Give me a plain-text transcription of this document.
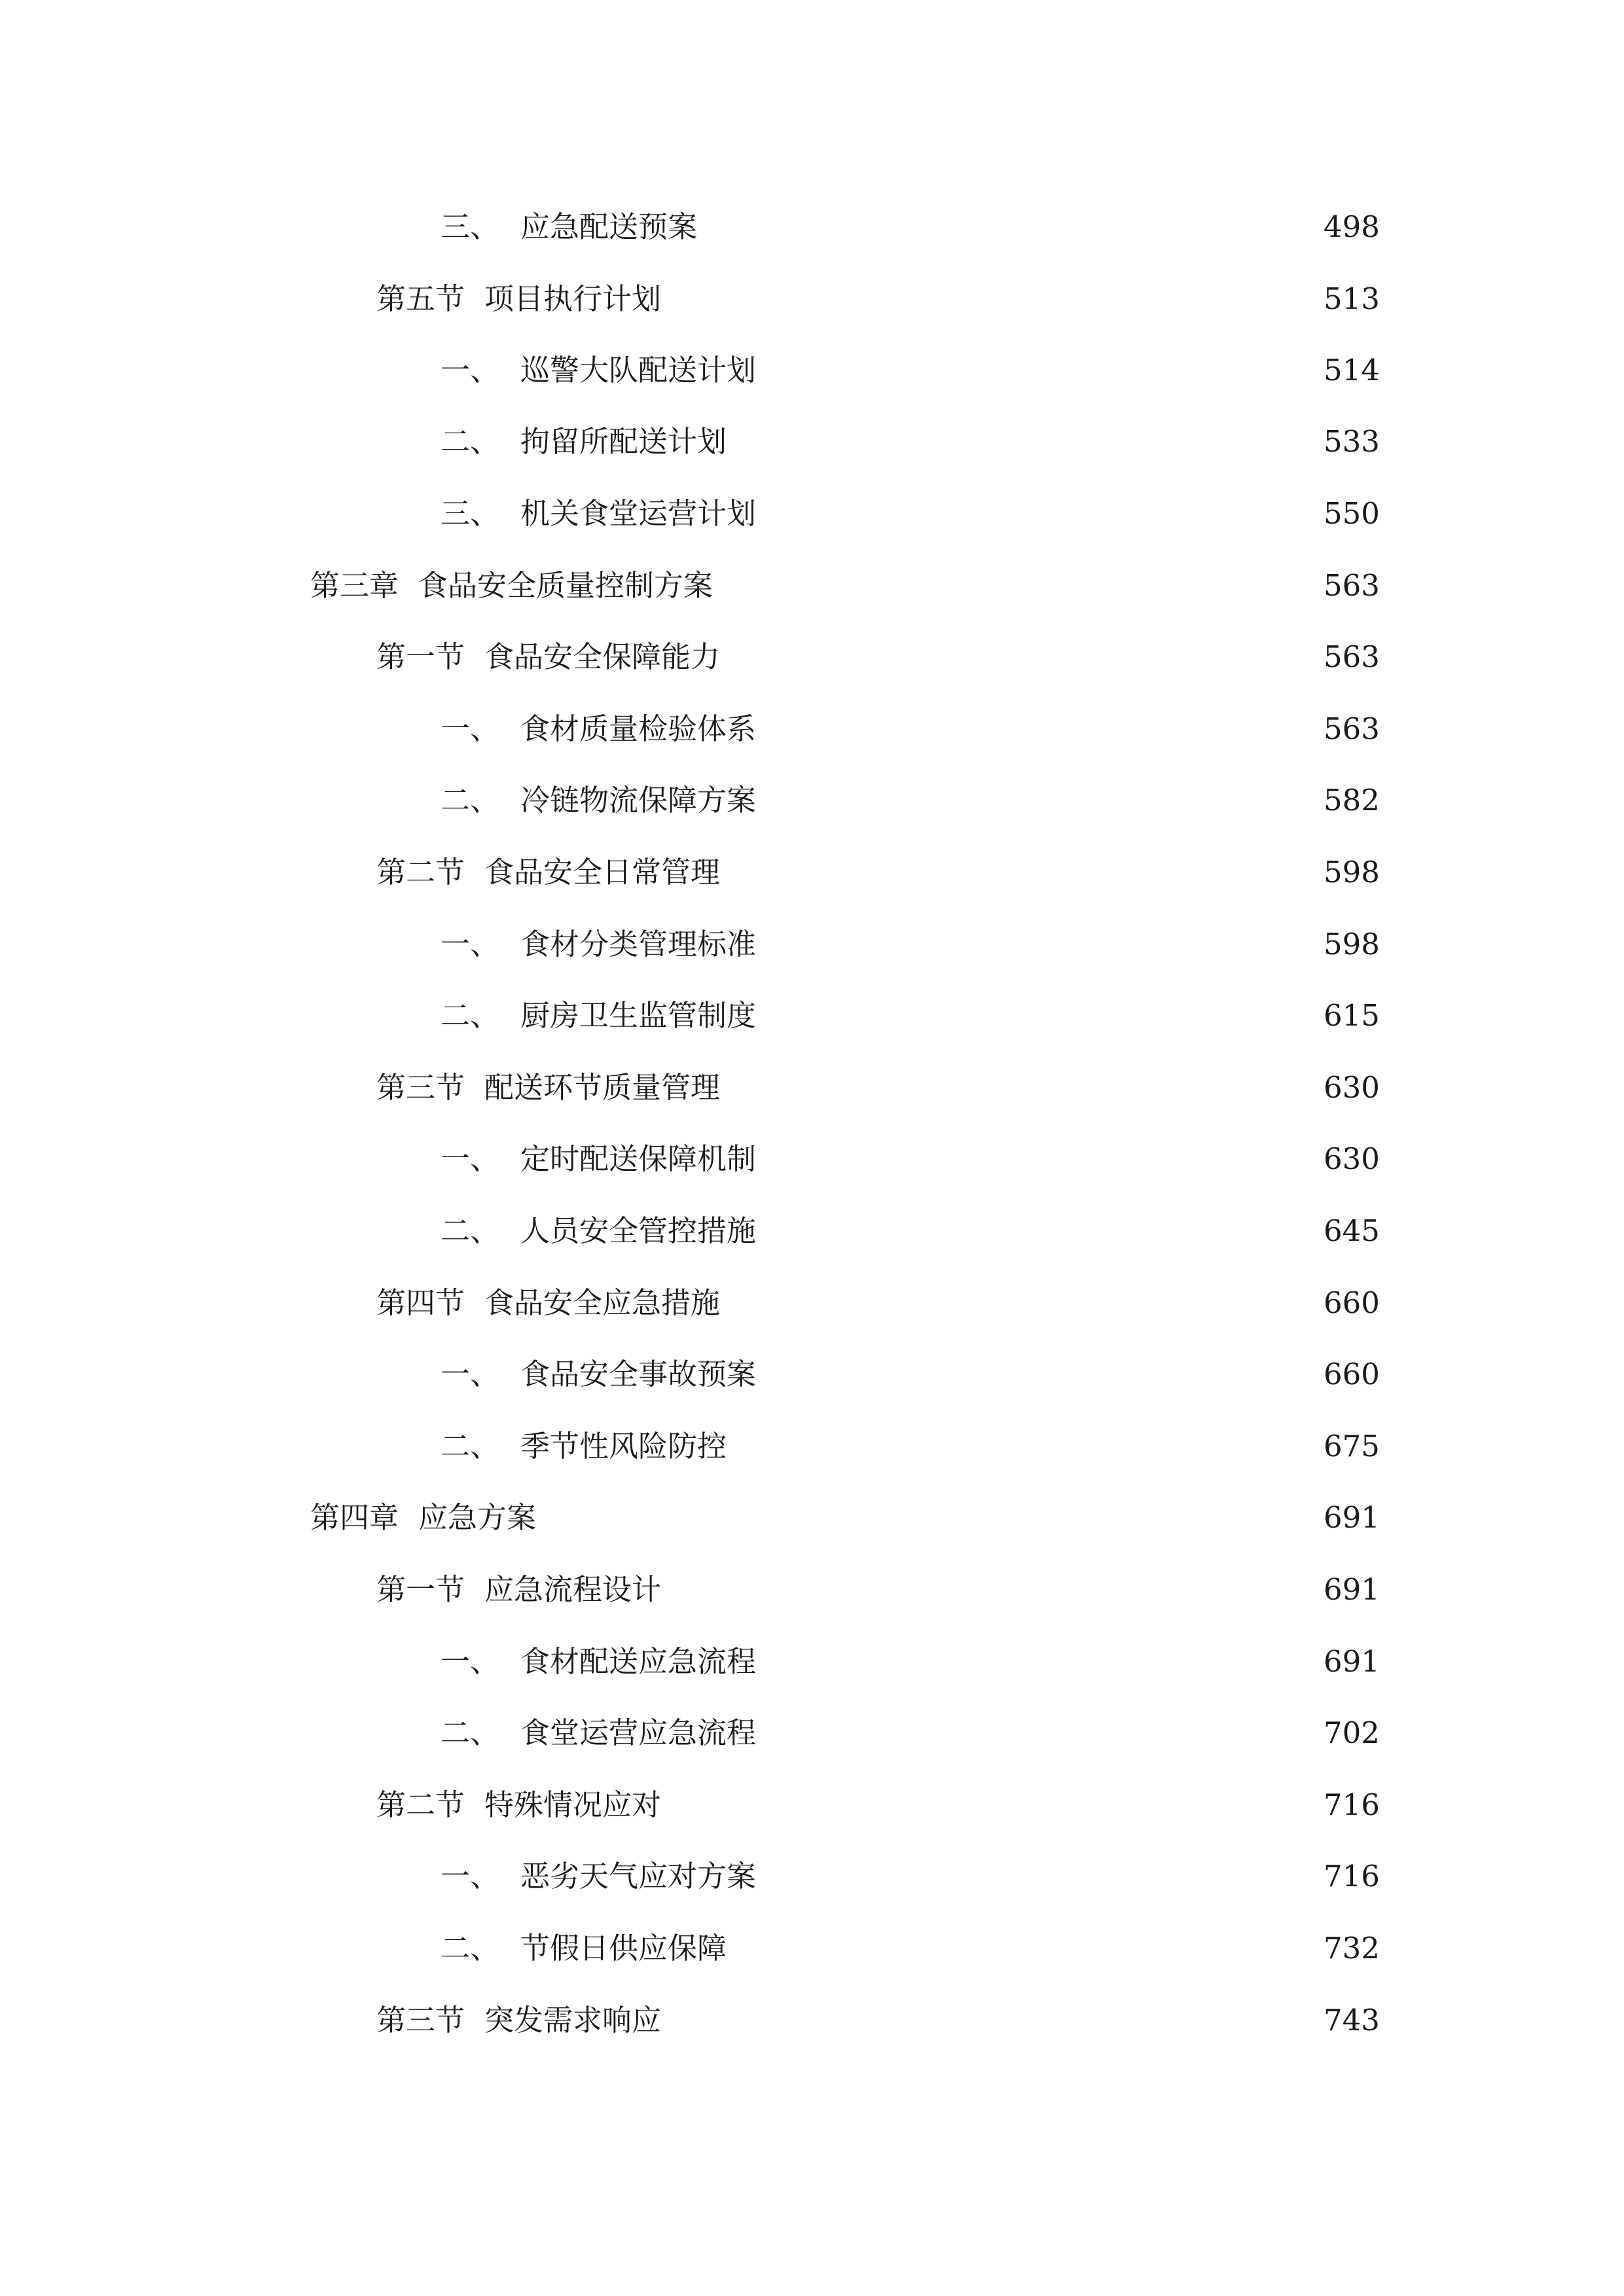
三、 应急配送预案	498
第五节 项目执行计划	513
一、 巡警大队配送计划	514
二、 拘留所配送计划	533
三、 机关食堂运营计划	550
第三章 食品安全质量控制方案	563
第一节 食品安全保障能力	563
一、 食材质量检验体系	563
二、 冷链物流保障方案	582
第二节 食品安全日常管理	598
一、 食材分类管理标准	598
二、 厨房卫生监管制度	615
第三节 配送环节质量管理	630
一、 定时配送保障机制	630
二、 人员安全管控措施	645
第四节 食品安全应急措施	660
一、 食品安全事故预案	660
二、 季节性风险防控	675
第四章 应急方案	691
第一节 应急流程设计	691
一、 食材配送应急流程	691
二、 食堂运营应急流程	702
第二节 特殊情况应对	716
一、 恶劣天气应对方案	716
二、 节假日供应保障	732
第三节 突发需求响应	743
